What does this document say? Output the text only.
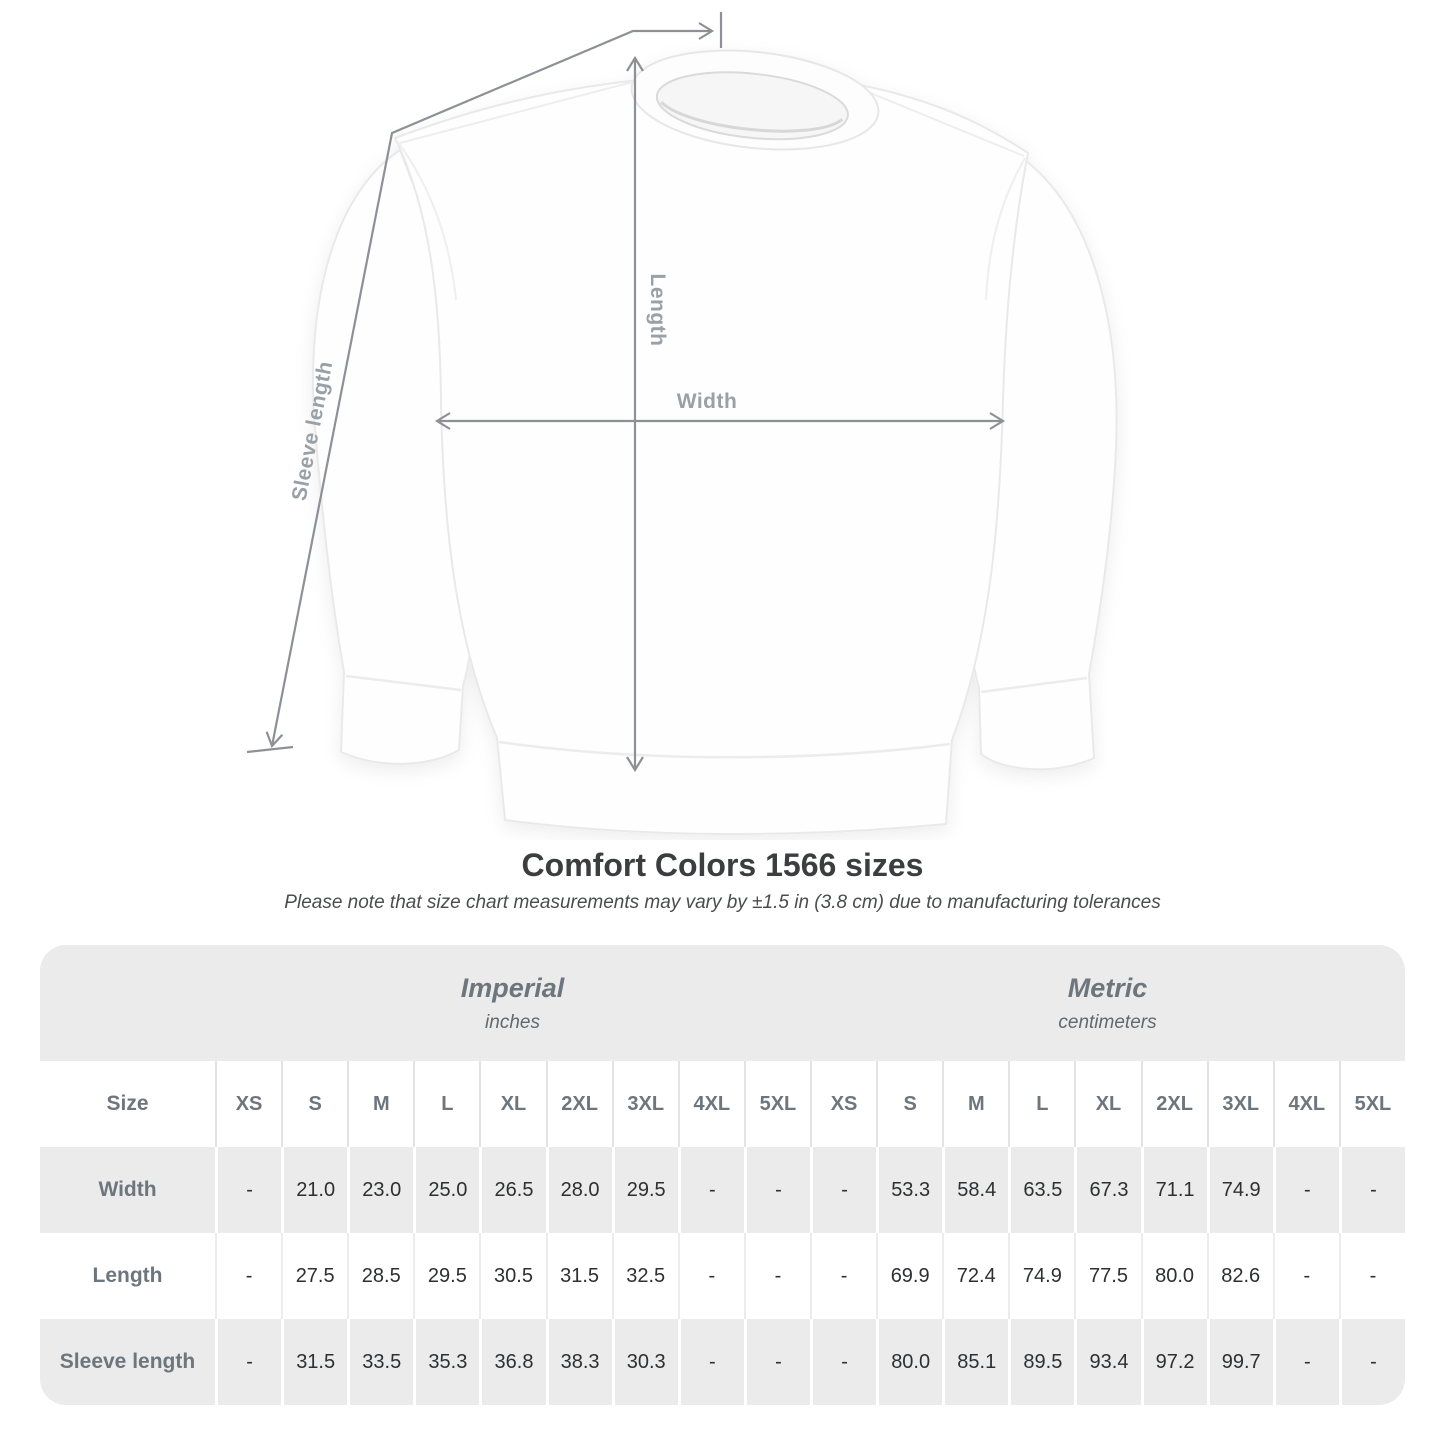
Sleeve length
Length
Width
Comfort Colors 1566 sizes
Please note that size chart measurements may vary by ±1.5 in (3.8 cm) due to manufacturing tolerances
Imperial
inches
Metric
centimeters
Size	XS	S	M	L	XL	2XL	3XL	4XL	5XL	XS	S	M	L	XL	2XL	3XL	4XL	5XL
Width	-	21.0	23.0	25.0	26.5	28.0	29.5	-	-	-	53.3	58.4	63.5	67.3	71.1	74.9	-	-
Length	-	27.5	28.5	29.5	30.5	31.5	32.5	-	-	-	69.9	72.4	74.9	77.5	80.0	82.6	-	-
Sleeve length	-	31.5	33.5	35.3	36.8	38.3	30.3	-	-	-	80.0	85.1	89.5	93.4	97.2	99.7	-	-
